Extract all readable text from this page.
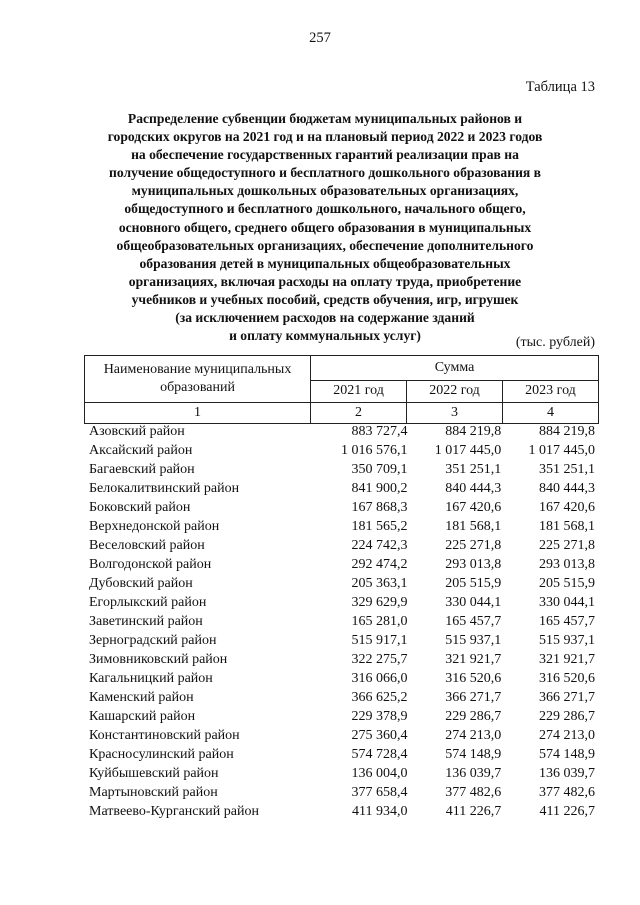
257
Таблица 13
Распределение субвенции бюджетам муниципальных районов и
городских округов на 2021 год и на плановый период 2022 и 2023 годов
на обеспечение государственных гарантий реализации прав на
получение общедоступного и бесплатного дошкольного образования в
муниципальных дошкольных образовательных организациях,
общедоступного и бесплатного дошкольного, начального общего,
основного общего, среднего общего образования в муниципальных
общеобразовательных организациях, обеспечение дополнительного
образования детей в муниципальных общеобразовательных
организациях, включая расходы на оплату труда, приобретение
учебников и учебных пособий, средств обучения, игр, игрушек
(за исключением расходов на содержание зданий
и оплату коммунальных услуг)	(тыс. рублей)
Наименование муниципальных
образований	Сумма		
	2021 год	2022 год	2023 год
1	2	3	4
Азовский район	883 727,4	884 219,8	884 219,8
Аксайский район	1 016 576,1	1 017 445,0	1 017 445,0
Багаевский район	350 709,1	351 251,1	351 251,1
Белокалитвинский район	841 900,2	840 444,3	840 444,3
Боковский район	167 868,3	167 420,6	167 420,6
Верхнедонской район	181 565,2	181 568,1	181 568,1
Веселовский район	224 742,3	225 271,8	225 271,8
Волгодонской район	292 474,2	293 013,8	293 013,8
Дубовский район	205 363,1	205 515,9	205 515,9
Егорлыкский район	329 629,9	330 044,1	330 044,1
Заветинский район	165 281,0	165 457,7	165 457,7
Зерноградский район	515 917,1	515 937,1	515 937,1
Зимовниковский район	322 275,7	321 921,7	321 921,7
Кагальницкий район	316 066,0	316 520,6	316 520,6
Каменский район	366 625,2	366 271,7	366 271,7
Кашарский район	229 378,9	229 286,7	229 286,7
Константиновский район	275 360,4	274 213,0	274 213,0
Красносулинский район	574 728,4	574 148,9	574 148,9
Куйбышевский район	136 004,0	136 039,7	136 039,7
Мартыновский район	377 658,4	377 482,6	377 482,6
Матвеево-Курганский район	411 934,0	411 226,7	411 226,7
